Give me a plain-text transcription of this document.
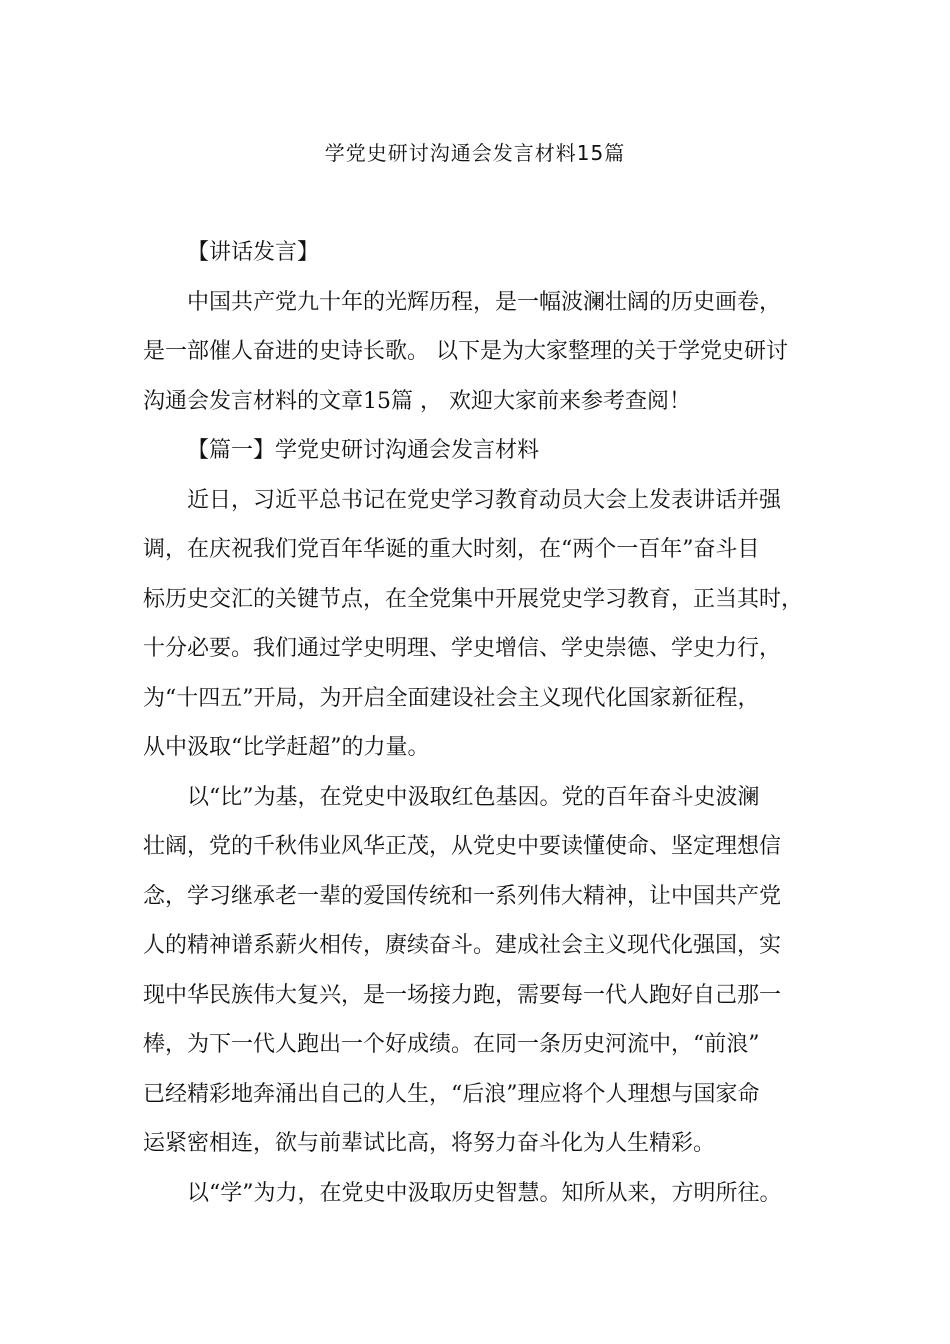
学党史研讨沟通会发言材料15篇
【讲话发言】
中国共产党九十年的光辉历程，是一幅波澜壮阔的历史画卷，
是一部催人奋进的史诗长歌。 以下是为大家整理的关于学党史研讨
沟通会发言材料的文章15篇 ， 欢迎大家前来参考查阅！
【篇一】学党史研讨沟通会发言材料
近日，习近平总书记在党史学习教育动员大会上发表讲话并强
调，在庆祝我们党百年华诞的重大时刻，在“两个一百年”奋斗目
标历史交汇的关键节点，在全党集中开展党史学习教育，正当其时，
十分必要。我们通过学史明理、学史增信、学史崇德、学史力行，
为“十四五”开局，为开启全面建设社会主义现代化国家新征程，
从中汲取“比学赶超”的力量。
以“比”为基，在党史中汲取红色基因。党的百年奋斗史波澜
壮阔，党的千秋伟业风华正茂，从党史中要读懂使命、坚定理想信
念，学习继承老一辈的爱国传统和一系列伟大精神，让中国共产党
人的精神谱系薪火相传，赓续奋斗。建成社会主义现代化强国，实
现中华民族伟大复兴，是一场接力跑，需要每一代人跑好自己那一
棒，为下一代人跑出一个好成绩。在同一条历史河流中，“前浪”
已经精彩地奔涌出自己的人生，“后浪”理应将个人理想与国家命
运紧密相连，欲与前辈试比高，将努力奋斗化为人生精彩。
以“学”为力，在党史中汲取历史智慧。知所从来，方明所往。
